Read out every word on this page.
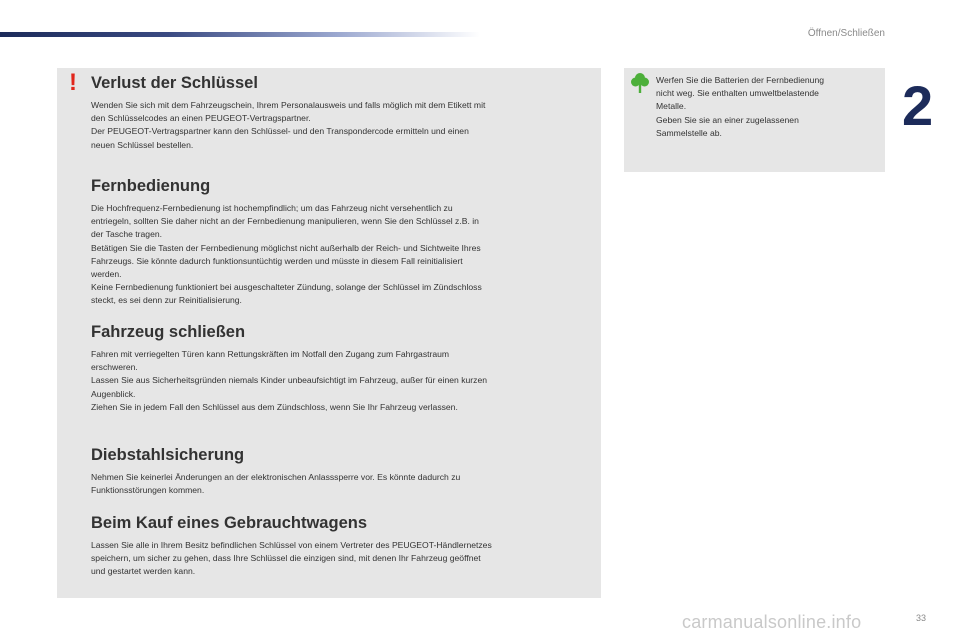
Öffnen/Schließen
2
! Verlust der Schlüssel

Wenden Sie sich mit dem Fahrzeugschein, Ihrem Personalausweis und falls möglich mit dem Etikett mit
den Schlüsselcodes an einen PEUGEOT-Vertragspartner.
Der PEUGEOT-Vertragspartner kann den Schlüssel- und den Transpondercode ermitteln und einen
neuen Schlüssel bestellen.

Fernbedienung

Die Hochfrequenz-Fernbedienung ist hochempfindlich; um das Fahrzeug nicht versehentlich zu
entriegeln, sollten Sie daher nicht an der Fernbedienung manipulieren, wenn Sie den Schlüssel z.B. in
der Tasche tragen.
Betätigen Sie die Tasten der Fernbedienung möglichst nicht außerhalb der Reich- und Sichtweite Ihres
Fahrzeugs. Sie könnte dadurch funktionsuntüchtig werden und müsste in diesem Fall reinitialisiert
werden.
Keine Fernbedienung funktioniert bei ausgeschalteter Zündung, solange der Schlüssel im Zündschloss
steckt, es sei denn zur Reinitialisierung.

Fahrzeug schließen

Fahren mit verriegelten Türen kann Rettungskräften im Notfall den Zugang zum Fahrgastraum
erschweren.
Lassen Sie aus Sicherheitsgründen niemals Kinder unbeaufsichtigt im Fahrzeug, außer für einen kurzen
Augenblick.
Ziehen Sie in jedem Fall den Schlüssel aus dem Zündschloss, wenn Sie Ihr Fahrzeug verlassen.

Diebstahlsicherung

Nehmen Sie keinerlei Änderungen an der elektronischen Anlasssperre vor. Es könnte dadurch zu
Funktionsstörungen kommen.

Beim Kauf eines Gebrauchtwagens

Lassen Sie alle in Ihrem Besitz befindlichen Schlüssel von einem Vertreter des PEUGEOT-Händlernetzes
speichern, um sicher zu gehen, dass Ihre Schlüssel die einzigen sind, mit denen Ihr Fahrzeug geöffnet
und gestartet werden kann.

Werfen Sie die Batterien der Fernbedienung
nicht weg. Sie enthalten umweltbelastende
Metalle.
Geben Sie sie an einer zugelassenen
Sammelstelle ab.

carmanualsonline.info	33
